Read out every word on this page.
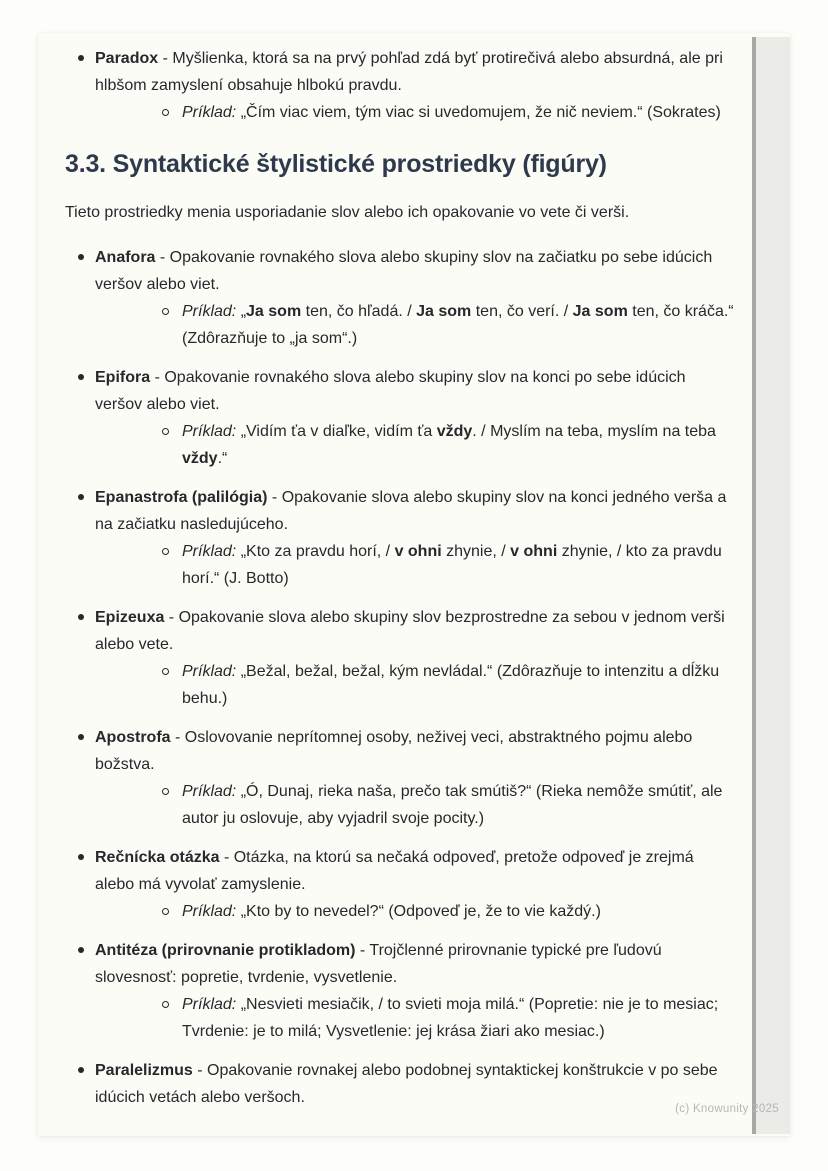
Paradox - Myšlienka, ktorá sa na prvý pohľad zdá byť protirečivá alebo absurdná, ale pri hlbšom zamyslení obsahuje hlbokú pravdu.
Príklad: „Čím viac viem, tým viac si uvedomujem, že nič neviem.“ (Sokrates)
3.3. Syntaktické štylistické prostriedky (figúry)

Tieto prostriedky menia usporiadanie slov alebo ich opakovanie vo vete či verši.

Anafora - Opakovanie rovnakého slova alebo skupiny slov na začiatku po sebe idúcich veršov alebo viet.
Príklad: „Ja som ten, čo hľadá. / Ja som ten, čo verí. / Ja som ten, čo kráča.“ (Zdôrazňuje to „ja som“.)
Epifora - Opakovanie rovnakého slova alebo skupiny slov na konci po sebe idúcich veršov alebo viet.
Príklad: „Vidím ťa v diaľke, vidím ťa vždy. / Myslím na teba, myslím na teba vždy.“
Epanastrofa (palilógia) - Opakovanie slova alebo skupiny slov na konci jedného verša a na začiatku nasledujúceho.
Príklad: „Kto za pravdu horí, / v ohni zhynie, / v ohni zhynie, / kto za pravdu horí.“ (J. Botto)
Epizeuxa - Opakovanie slova alebo skupiny slov bezprostredne za sebou v jednom verši alebo vete.
Príklad: „Bežal, bežal, bežal, kým nevládal.“ (Zdôrazňuje to intenzitu a dĺžku behu.)
Apostrofa - Oslovovanie neprítomnej osoby, neživej veci, abstraktného pojmu alebo božstva.
Príklad: „Ó, Dunaj, rieka naša, prečo tak smútiš?“ (Rieka nemôže smútiť, ale autor ju oslovuje, aby vyjadril svoje pocity.)
Rečnícka otázka - Otázka, na ktorú sa nečaká odpoveď, pretože odpoveď je zrejmá alebo má vyvolať zamyslenie.
Príklad: „Kto by to nevedel?“ (Odpoveď je, že to vie každý.)
Antitéza (prirovnanie protikladom) - Trojčlenné prirovnanie typické pre ľudovú slovesnosť: popretie, tvrdenie, vysvetlenie.
Príklad: „Nesvieti mesiačik, / to svieti moja milá.“ (Popretie: nie je to mesiac; Tvrdenie: je to milá; Vysvetlenie: jej krása žiari ako mesiac.)
Paralelizmus - Opakovanie rovnakej alebo podobnej syntaktickej konštrukcie v po sebe idúcich vetách alebo veršoch.
(c) Knowunity 2025
